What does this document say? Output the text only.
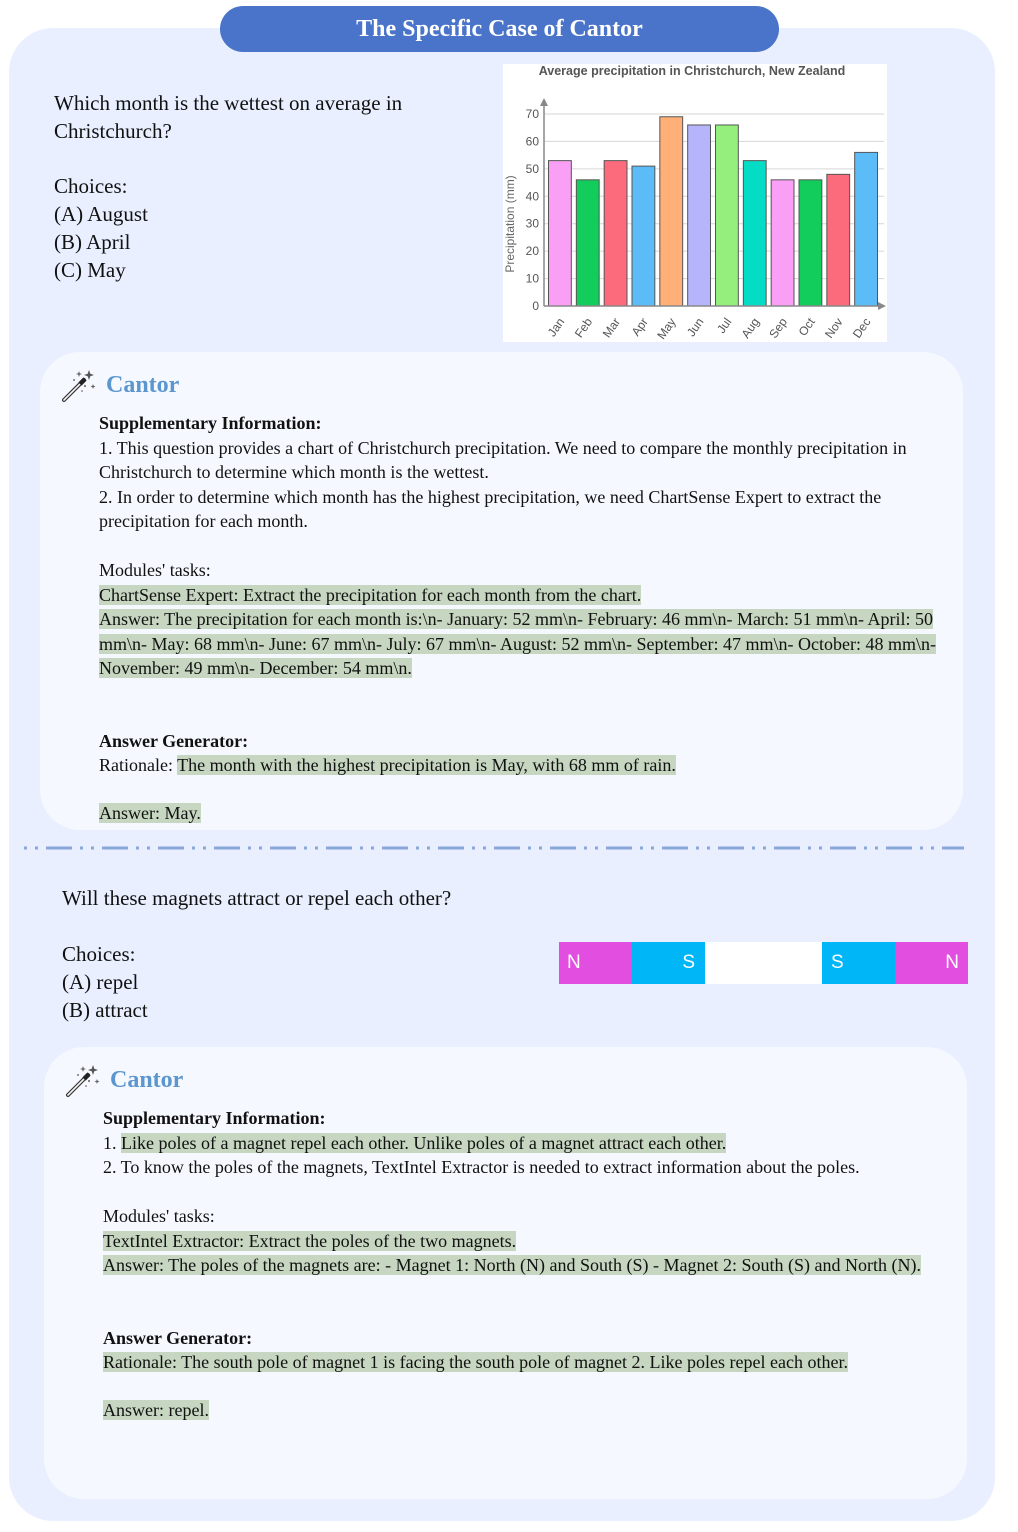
The Specific Case of Cantor

Which month is the wettest on average in Christchurch?

Choices:

(A) August

(B) April

(C) May

Average precipitation in Christchurch, New Zealand
Precipitation (mm)
0
10
20
30
40
50
60
70
Jan Feb Mar Apr May Jun Jul Aug Sep Oct Nov Dec
Cantor

Supplementary Information:

1. This question provides a chart of Christchurch precipitation. We need to compare the monthly precipitation in Christchurch to determine which month is the wettest.

2. In order to determine which month has the highest precipitation, we need ChartSense Expert to extract the precipitation for each month.

Modules' tasks:

ChartSense Expert: Extract the precipitation for each month from the chart.

Answer: The precipitation for each month is:\n- January: 52 mm\n- February: 46 mm\n- March: 51 mm\n- April: 50 mm\n- May: 68 mm\n- June: 67 mm\n- July: 67 mm\n- August: 52 mm\n- September: 47 mm\n- October: 48 mm\n- November: 49 mm\n- December: 54 mm\n.

Answer Generator:

Rationale: The month with the highest precipitation is May, with 68 mm of rain.

Answer: May.

Will these magnets attract or repel each other?

Choices:

(A) repel

(B) attract

N	S	S	N
Cantor

Supplementary Information:

1. Like poles of a magnet repel each other. Unlike poles of a magnet attract each other.

2. To know the poles of the magnets, TextIntel Extractor is needed to extract information about the poles.

Modules' tasks:

TextIntel Extractor: Extract the poles of the two magnets.

Answer: The poles of the magnets are: - Magnet 1: North (N) and South (S) - Magnet 2: South (S) and North (N).

Answer Generator:

Rationale: The south pole of magnet 1 is facing the south pole of magnet 2. Like poles repel each other.

Answer: repel.
